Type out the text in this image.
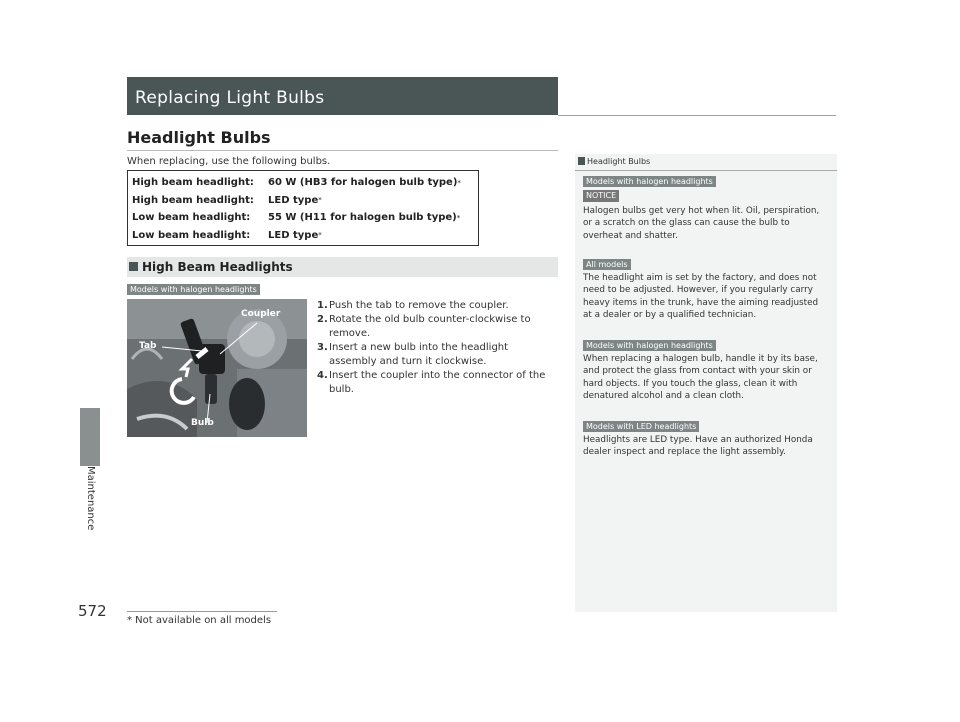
Maintenance
572
Replacing Light Bulbs
Headlight Bulbs
When replacing, use the following bulbs.
High beam headlight:	60 W (HB3 for halogen bulb type) *
High beam headlight:	LED type *
Low beam headlight:	55 W (H11 for halogen bulb type) *
Low beam headlight:	LED type *
High Beam Headlights
Models with halogen headlights
Tab
Coupler
Bulb
1. Push the tab to remove the coupler.
2. Rotate the old bulb counter-clockwise to remove.
3. Insert a new bulb into the headlight assembly and turn it clockwise.
4. Insert the coupler into the connector of the bulb.
* Not available on all models
Headlight Bulbs
Models with halogen headlights
NOTICE
Halogen bulbs get very hot when lit. Oil, perspiration, or a scratch on the glass can cause the bulb to overheat and shatter.
All models
The headlight aim is set by the factory, and does not need to be adjusted. However, if you regularly carry heavy items in the trunk, have the aiming readjusted at a dealer or by a qualified technician.
Models with halogen headlights
When replacing a halogen bulb, handle it by its base, and protect the glass from contact with your skin or hard objects. If you touch the glass, clean it with denatured alcohol and a clean cloth.
Models with LED headlights
Headlights are LED type. Have an authorized Honda dealer inspect and replace the light assembly.
